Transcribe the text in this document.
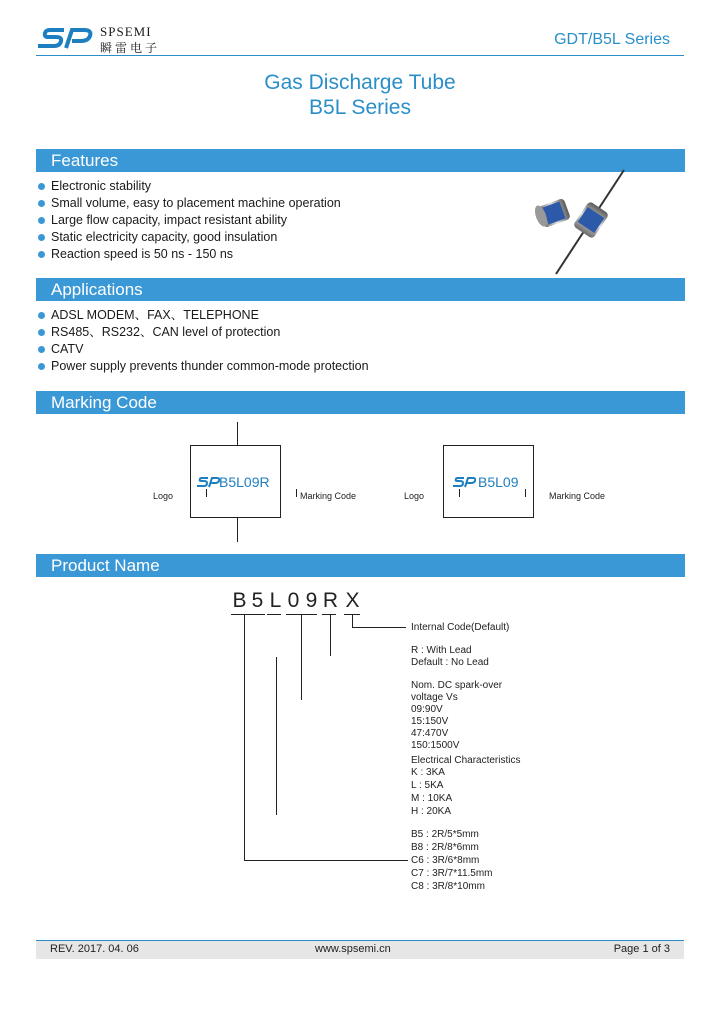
SPSEMI
瞬雷电子	GDT/B5L Series
Gas Discharge Tube
B5L Series
Features
Electronic stability
Small volume, easy to placement machine operation
Large flow capacity, impact resistant ability
Static electricity capacity, good insulation
Reaction speed is 50 ns - 150 ns
Applications
ADSL MODEM、FAX、TELEPHONE
RS485、RS232、CAN level of protection
CATV
Power supply prevents thunder common-mode protection
Marking Code
B5L09R
Logo	Marking Code
B5L09
Logo	Marking Code
Product Name
B 5 L 0 9 R X
Internal Code(Default)
R : With Lead
Default : No Lead
Nom. DC spark-over
voltage Vs
09:90V
15:150V
47:470V
150:1500V
Electrical Characteristics
K : 3KA
L : 5KA
M : 10KA
H : 20KA
B5 : 2R/5*5mm
B8 : 2R/8*6mm
C6 : 3R/6*8mm
C7 : 3R/7*11.5mm
C8 : 3R/8*10mm
REV. 2017. 04. 06	www.spsemi.cn	Page 1 of 3
